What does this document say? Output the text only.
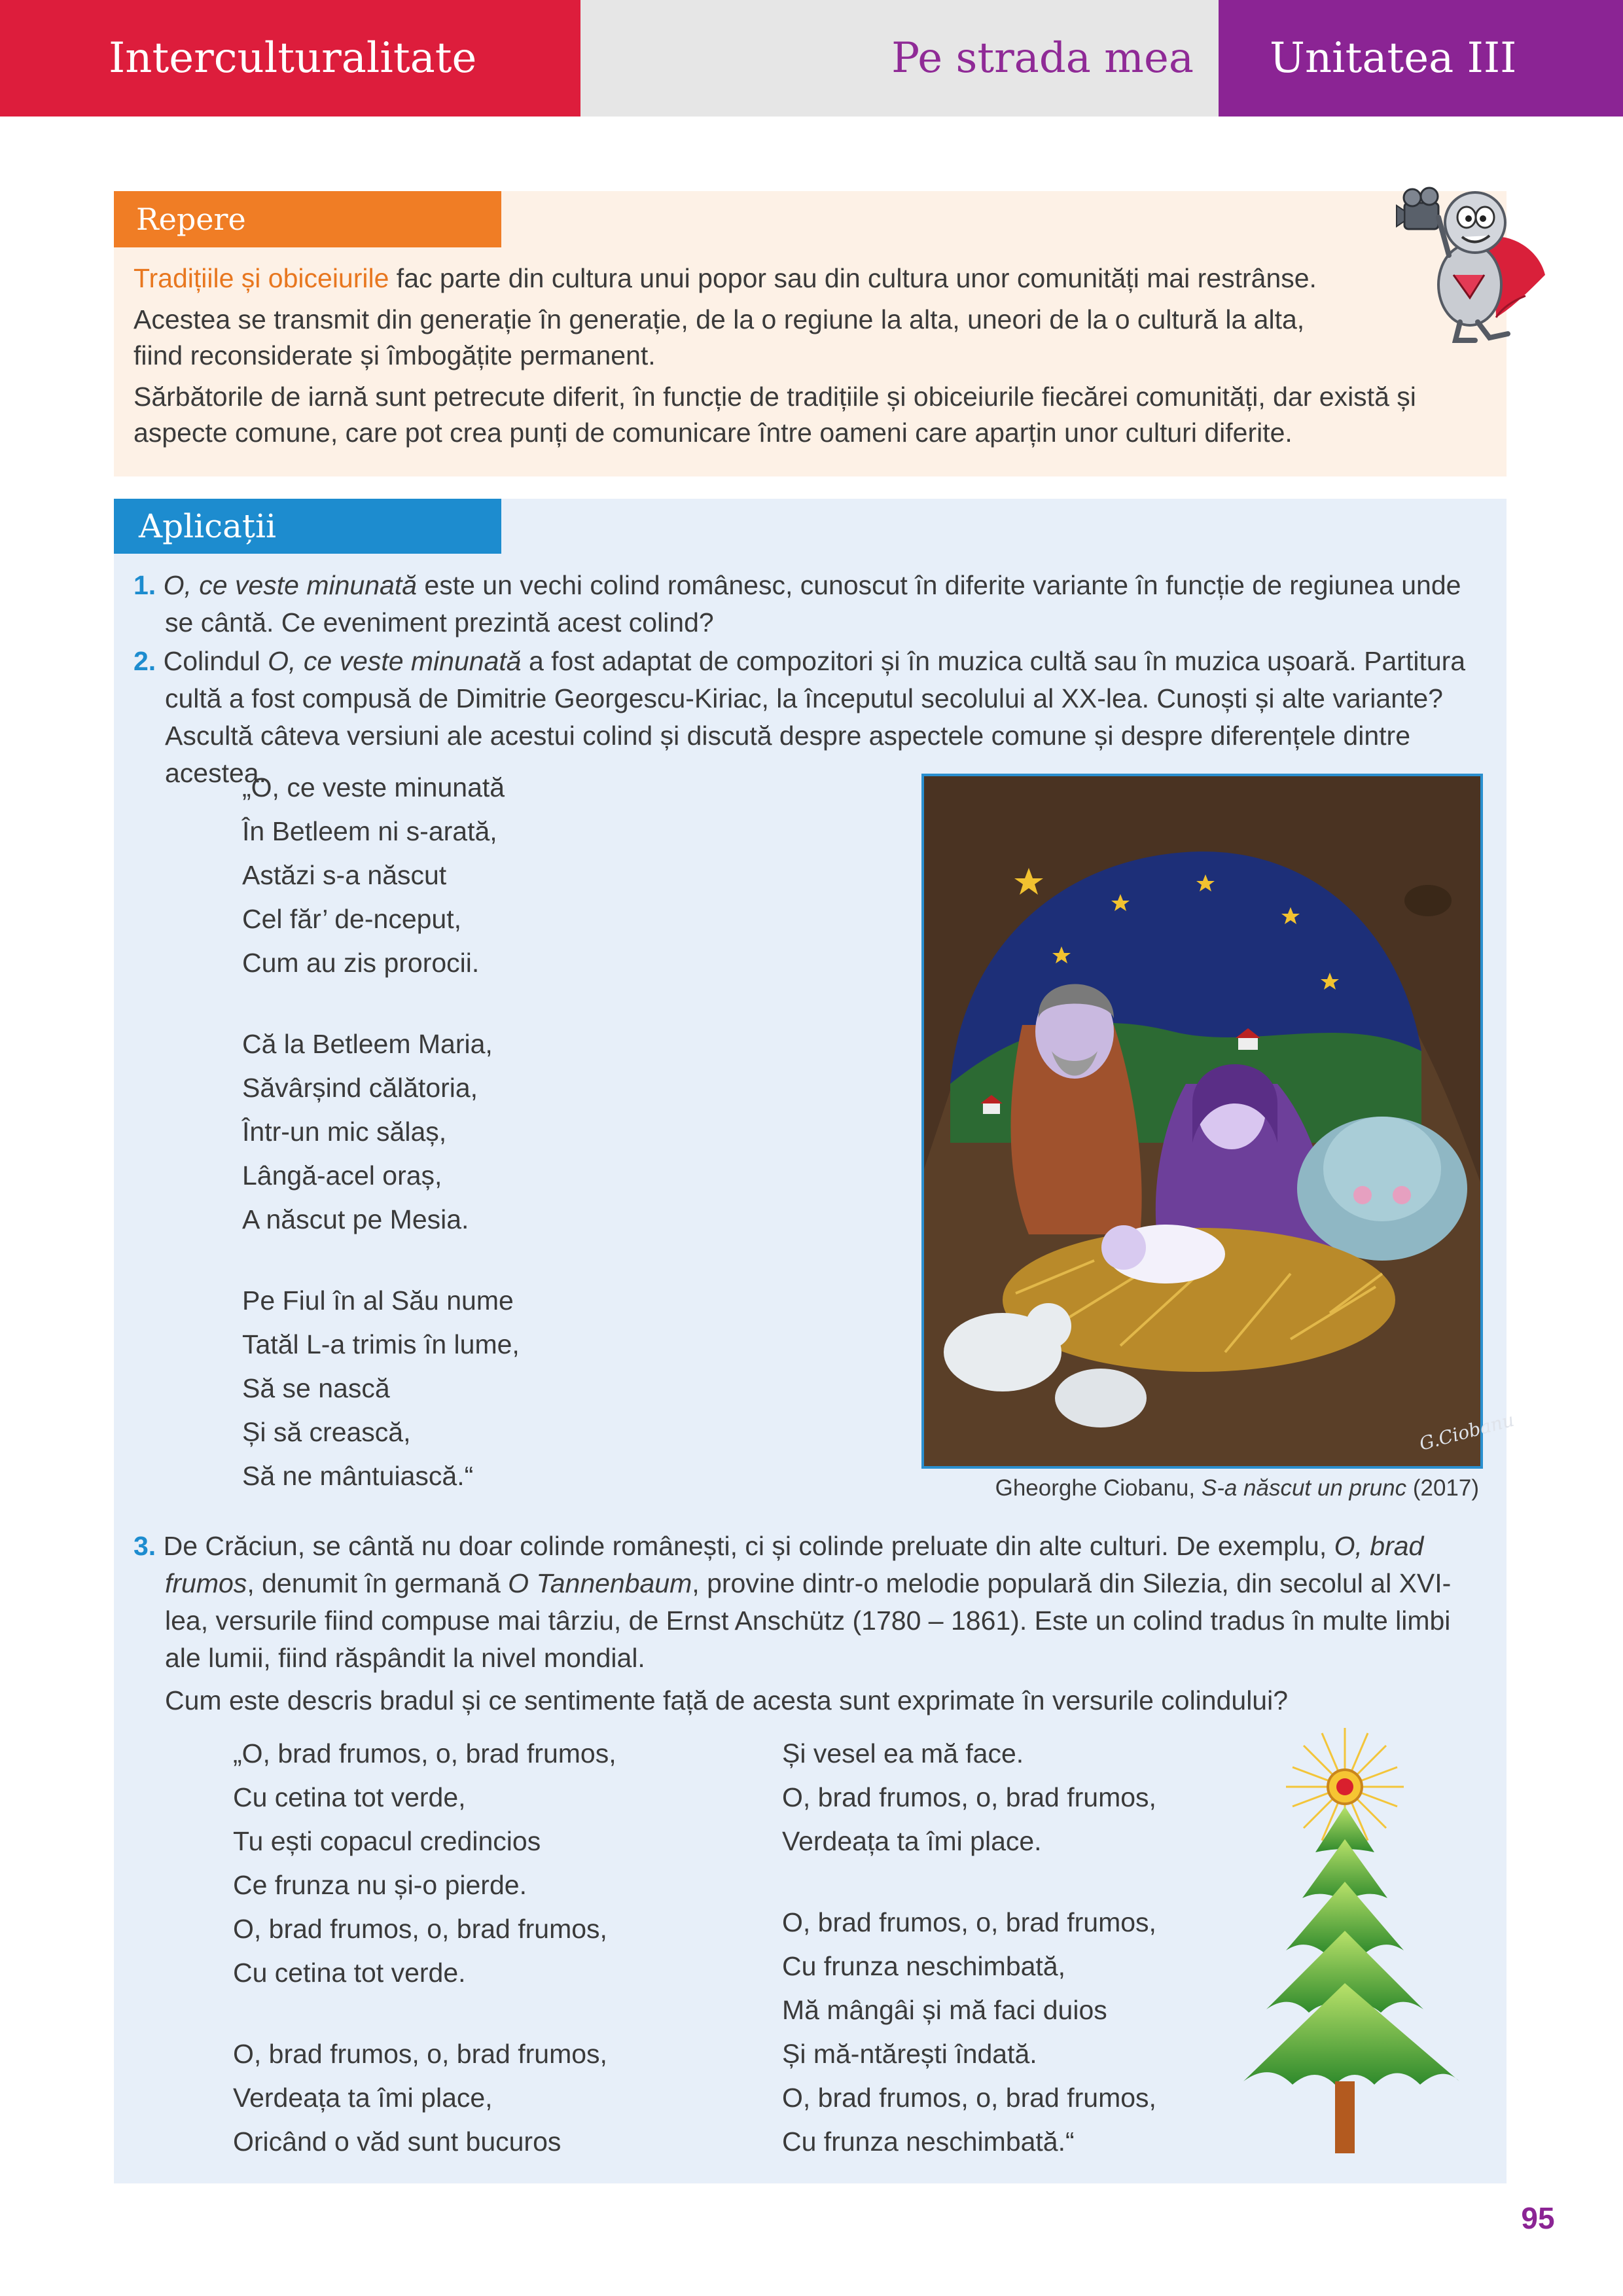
Interculturalitate	Pe strada mea Unitatea III
Repere

Tradițiile și obiceiurile fac parte din cultura unui popor sau din cultura unor comunități mai restrânse.

Acestea se transmit din generație în generație, de la o regiune la alta, uneori de la o cultură la alta, fiind reconsiderate și îmbogățite permanent.

Sărbătorile de iarnă sunt petrecute diferit, în funcție de tradițiile și obiceiurile fiecărei comunități, dar există și aspecte comune, care pot crea punți de comunicare între oameni care aparțin unor culturi diferite.

Aplicații
1. O, ce veste minunată este un vechi colind românesc, cunoscut în diferite variante în funcție de regiunea unde se cântă. Ce eveniment prezintă acest colind?
2. Colindul O, ce veste minunată a fost adaptat de compozitori și în muzica cultă sau în muzica ușoară. Partitura cultă a fost compusă de Dimitrie Georgescu-Kiriac, la începutul secolului al XX-lea. Cunoști și alte variante? Ascultă câteva versiuni ale acestui colind și discută despre aspectele comune și despre diferențele dintre acestea.
„O, ce veste minunată
În Betleem ni s-arată,
Astăzi s-a născut
Cel făr’ de-nceput,
Cum au zis prorocii.
Că la Betleem Maria,
Săvârșind călătoria,
Într-un mic sălaș,
Lângă-acel oraș,
A născut pe Mesia.
Pe Fiul în al Său nume
Tatăl L-a trimis în lume,
Să se nască
Și să crească,
Să ne mântuiască.“
G.Ciobanu
Gheorghe Ciobanu, S-a născut un prunc (2017)
3. De Crăciun, se cântă nu doar colinde românești, ci și colinde preluate din alte culturi. De exemplu, O, brad frumos, denumit în germană O Tannenbaum, provine dintr-o melodie populară din Silezia, din secolul al XVI-lea, versurile fiind compuse mai târziu, de Ernst Anschütz (1780 – 1861). Este un colind tradus în multe limbi ale lumii, fiind răspândit la nivel mondial.
Cum este descris bradul și ce sentimente față de acesta sunt exprimate în versurile colindului?
„O, brad frumos, o, brad frumos,
Cu cetina tot verde,
Tu ești copacul credincios
Ce frunza nu și-o pierde.
O, brad frumos, o, brad frumos,
Cu cetina tot verde.
O, brad frumos, o, brad frumos,
Verdeața ta îmi place,
Oricând o văd sunt bucuros
Și vesel ea mă face.
O, brad frumos, o, brad frumos,
Verdeața ta îmi place.
O, brad frumos, o, brad frumos,
Cu frunza neschimbată,
Mă mângâi și mă faci duios
Și mă-ntărești îndată.
O, brad frumos, o, brad frumos,
Cu frunza neschimbată.“
95
